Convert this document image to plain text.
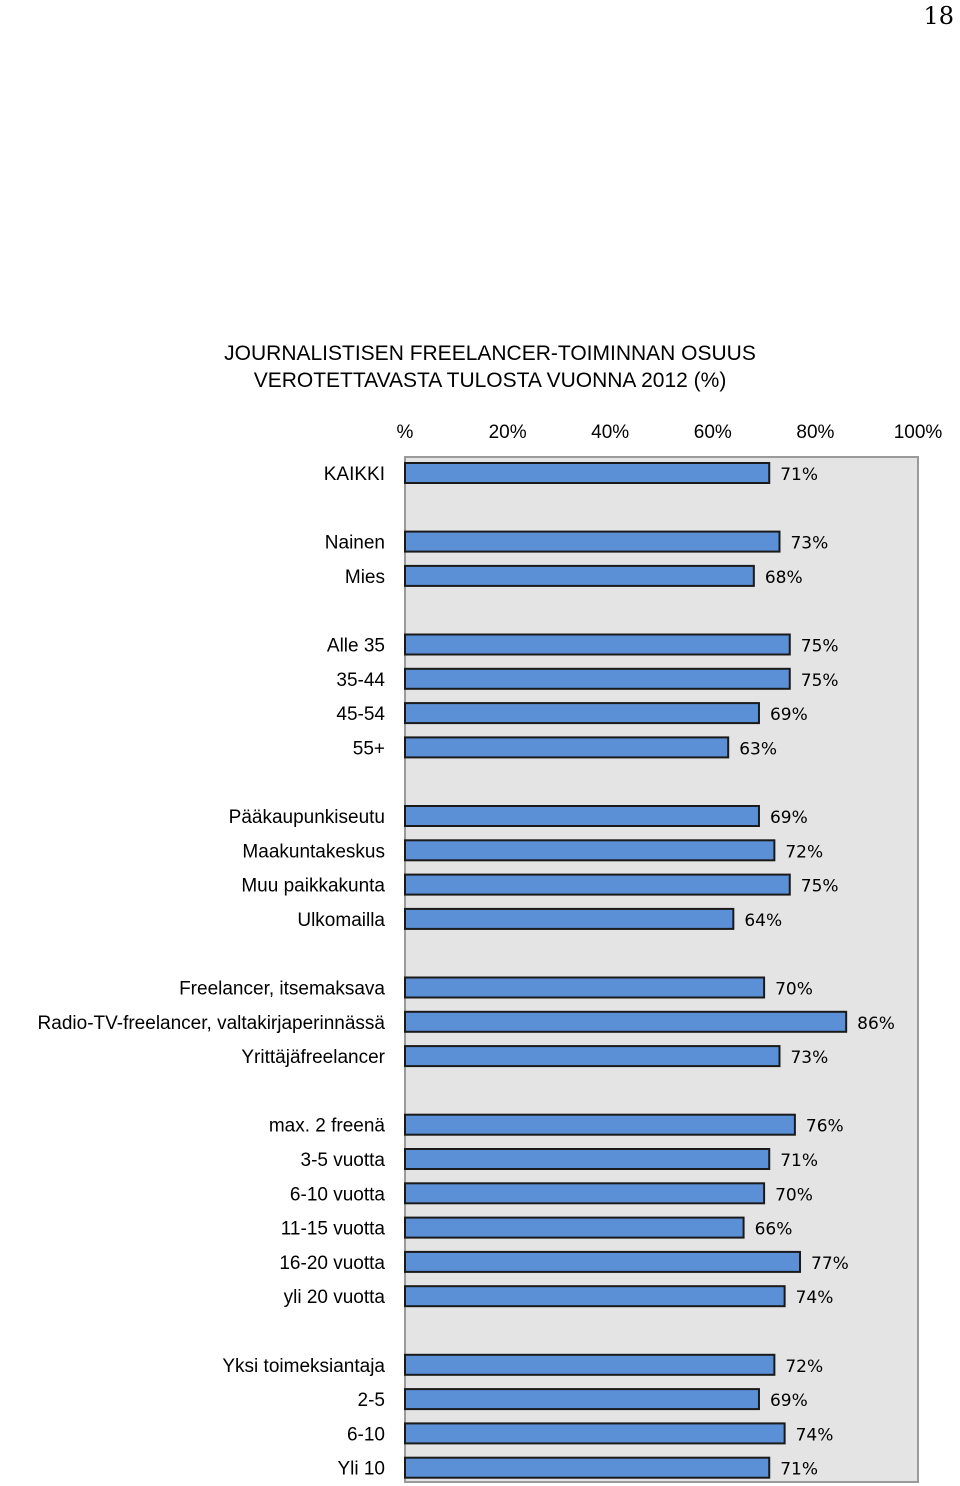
18
JOURNALISTISEN FREELANCER-TOIMINNAN OSUUS
VEROTETTAVASTA TULOSTA VUONNA 2012 (%)
%	20%	40%	60%	80%	100%
KAIKKI	71%
Nainen	73%
Mies	68%
Alle 35	75%
35-44	75%
45-54	69%
55+	63%
Pääkaupunkiseutu	69%
Maakuntakeskus	72%
Muu paikkakunta	75%
Ulkomailla	64%
Freelancer, itsemaksava	70%
Radio-TV-freelancer, valtakirjaperinnässä	86%
Yrittäjäfreelancer	73%
max. 2 freenä	76%
3-5 vuotta	71%
6-10 vuotta	70%
11-15 vuotta	66%
16-20 vuotta	77%
yli 20 vuotta	74%
Yksi toimeksiantaja	72%
2-5	69%
6-10	74%
Yli 10	71%
